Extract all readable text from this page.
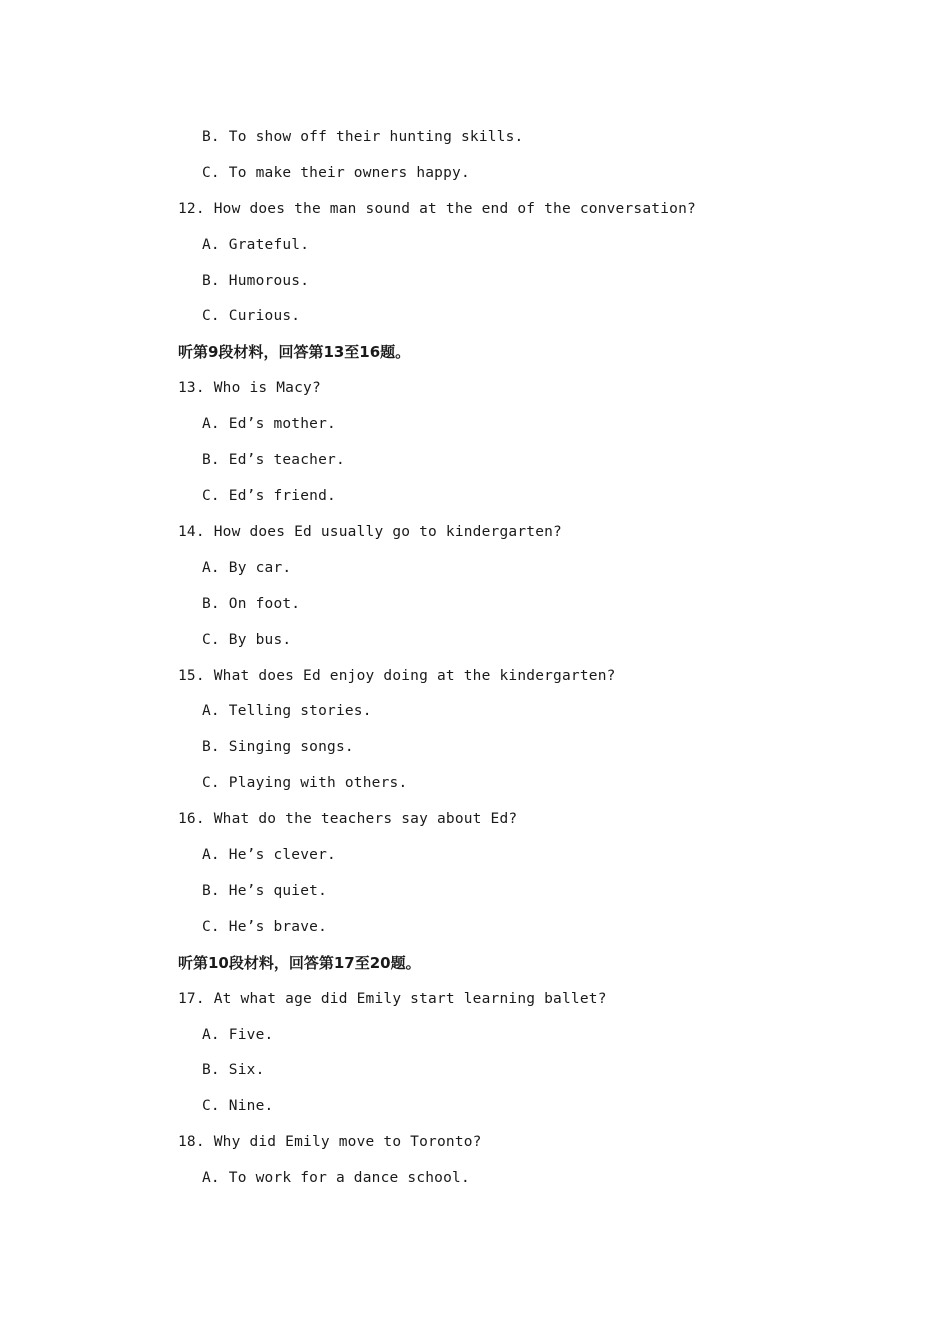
B. To show off their hunting skills.
C. To make their owners happy.
12. How does the man sound at the end of the conversation?
A. Grateful.
B. Humorous.
C. Curious.
听第9段材料，回答第13至16题。
13. Who is Macy?
A. Ed’s mother.
B. Ed’s teacher.
C. Ed’s friend.
14. How does Ed usually go to kindergarten?
A. By car.
B. On foot.
C. By bus.
15. What does Ed enjoy doing at the kindergarten?
A. Telling stories.
B. Singing songs.
C. Playing with others.
16. What do the teachers say about Ed?
A. He’s clever.
B. He’s quiet.
C. He’s brave.
听第10段材料，回答第17至20题。
17. At what age did Emily start learning ballet?
A. Five.
B. Six.
C. Nine.
18. Why did Emily move to Toronto?
A. To work for a dance school.
